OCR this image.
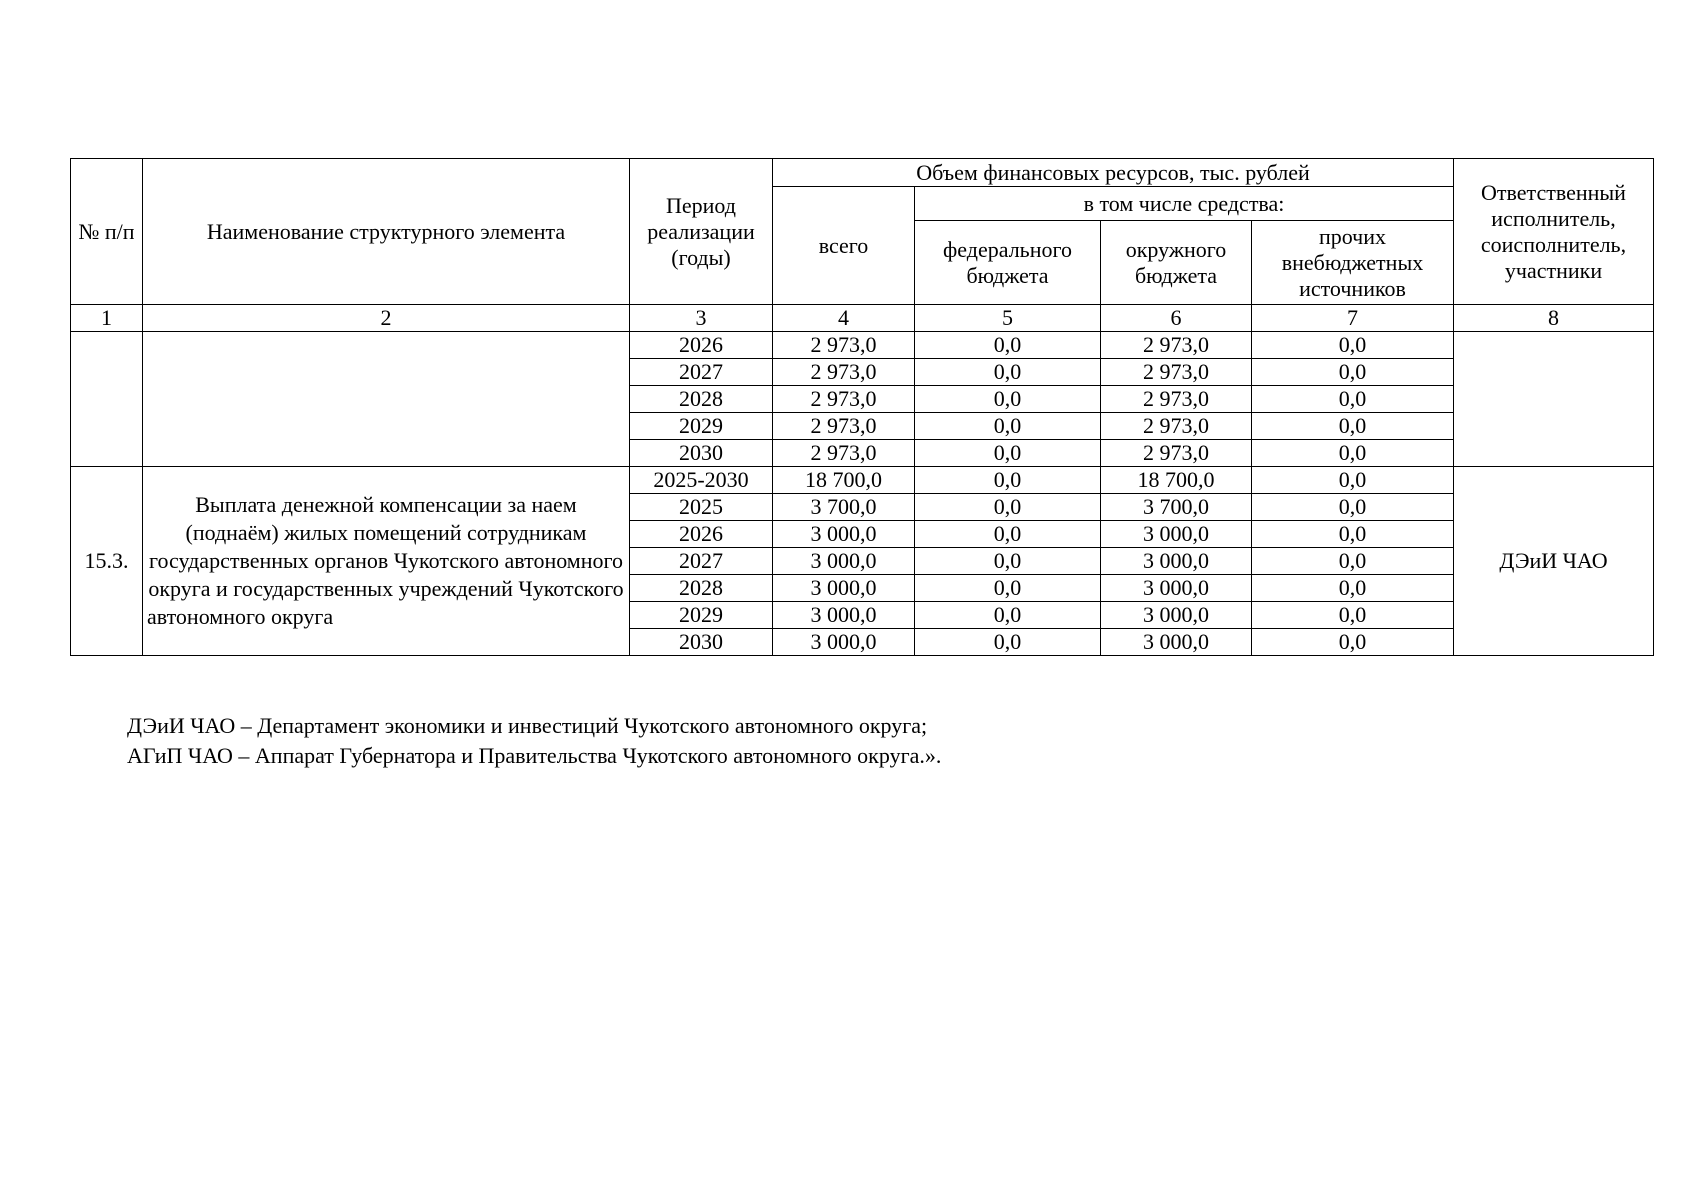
№ п/п	Наименование структурного элемента	Период реализации (годы)	Объем финансовых ресурсов, тыс. рублей				Ответственный исполнитель, соисполнитель, участники
			всего	в том числе средства:			
				федерального бюджета	окружного бюджета	прочих внебюджетных источников	
1	2	3	4	5	6	7	8
		2026	2 973,0	0,0	2 973,0	0,0	
		2027	2 973,0	0,0	2 973,0	0,0	
		2028	2 973,0	0,0	2 973,0	0,0	
		2029	2 973,0	0,0	2 973,0	0,0	
		2030	2 973,0	0,0	2 973,0	0,0	
15.3.	Выплата денежной компенсации за наем (поднаём) жилых помещений сотрудникам государственных органов Чукотского автономного округа и государственных учреждений Чукотского автономного округа	2025-2030	18 700,0	0,0	18 700,0	0,0	ДЭиИ ЧАО
		2025	3 700,0	0,0	3 700,0	0,0	
		2026	3 000,0	0,0	3 000,0	0,0	
		2027	3 000,0	0,0	3 000,0	0,0	
		2028	3 000,0	0,0	3 000,0	0,0	
		2029	3 000,0	0,0	3 000,0	0,0	
		2030	3 000,0	0,0	3 000,0	0,0	
ДЭиИ ЧАО – Департамент экономики и инвестиций Чукотского автономного округа;
АГиП ЧАО – Аппарат Губернатора и Правительства Чукотского автономного округа.».
